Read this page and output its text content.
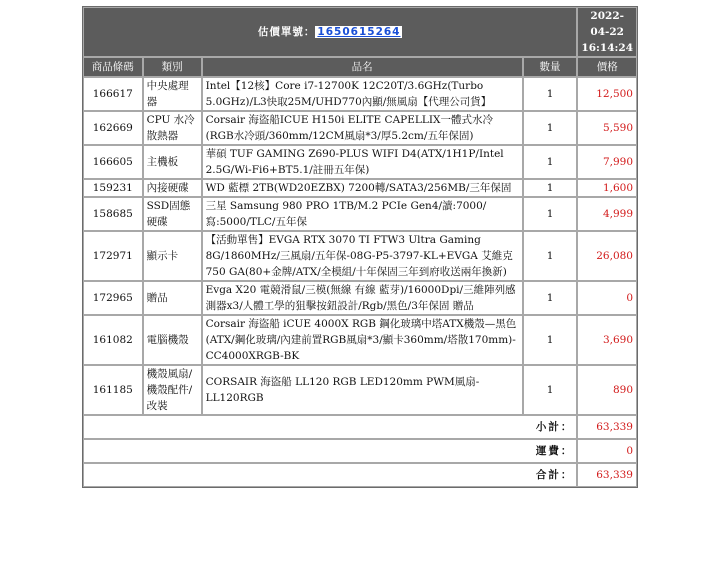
估價單號： 1650615264				2022-04-22
16:14:24

商品條碼	類別	品名	數量	價格
166617	中央處理器	Intel【12核】Core i7-12700K 12C20T/3.6GHz(Turbo 5.0GHz)/L3快取25M/UHD770內顯/無風扇【代理公司貨】	1	12,500
162669	CPU 水冷散熱器	Corsair 海盜船ICUE H150i ELITE CAPELLIX一體式水冷 (RGB水冷頭/360mm/12CM風扇*3/厚5.2cm/五年保固)	1	5,590
166605	主機板	華碩 TUF GAMING Z690-PLUS WIFI D4(ATX/1H1P/Intel 2.5G/Wi-Fi6+BT5.1/註冊五年保)	1	7,990
159231	內接硬碟	WD 藍標 2TB(WD20EZBX) 7200轉/SATA3/256MB/三年保固	1	1,600
158685	SSD固態硬碟	三星 Samsung 980 PRO 1TB/M.2 PCIe Gen4/讀:7000/寫:5000/TLC/五年保	1	4,999
172971	顯示卡	【活動單售】EVGA RTX 3070 TI FTW3 Ultra Gaming 8G/1860MHz/三風扇/五年保-08G-P5-3797-KL+EVGA 艾維克 750 GA(80+金牌/ATX/全模組/十年保固三年到府收送兩年換新)	1	26,080
172965	贈品	Evga X20 電競滑鼠/三模(無線 有線 藍芽)/16000Dpi/三維陣列感測器x3/人體工學的狙擊按鈕設計/Rgb/黑色/3年保固 贈品	1	0
161082	電腦機殼	Corsair 海盜船 iCUE 4000X RGB 鋼化玻璃中塔ATX機殼—黑色(ATX/鋼化玻璃/內建前置RGB風扇*3/顯卡360mm/塔散170mm)-CC4000XRGB-BK	1	3,690
161185	機殼風扇/機殼配件/改裝	CORSAIR 海盜船 LL120 RGB LED120mm PWM風扇-LL120RGB	1	890
小計：				63,339
運費：				0
合計：				63,339
